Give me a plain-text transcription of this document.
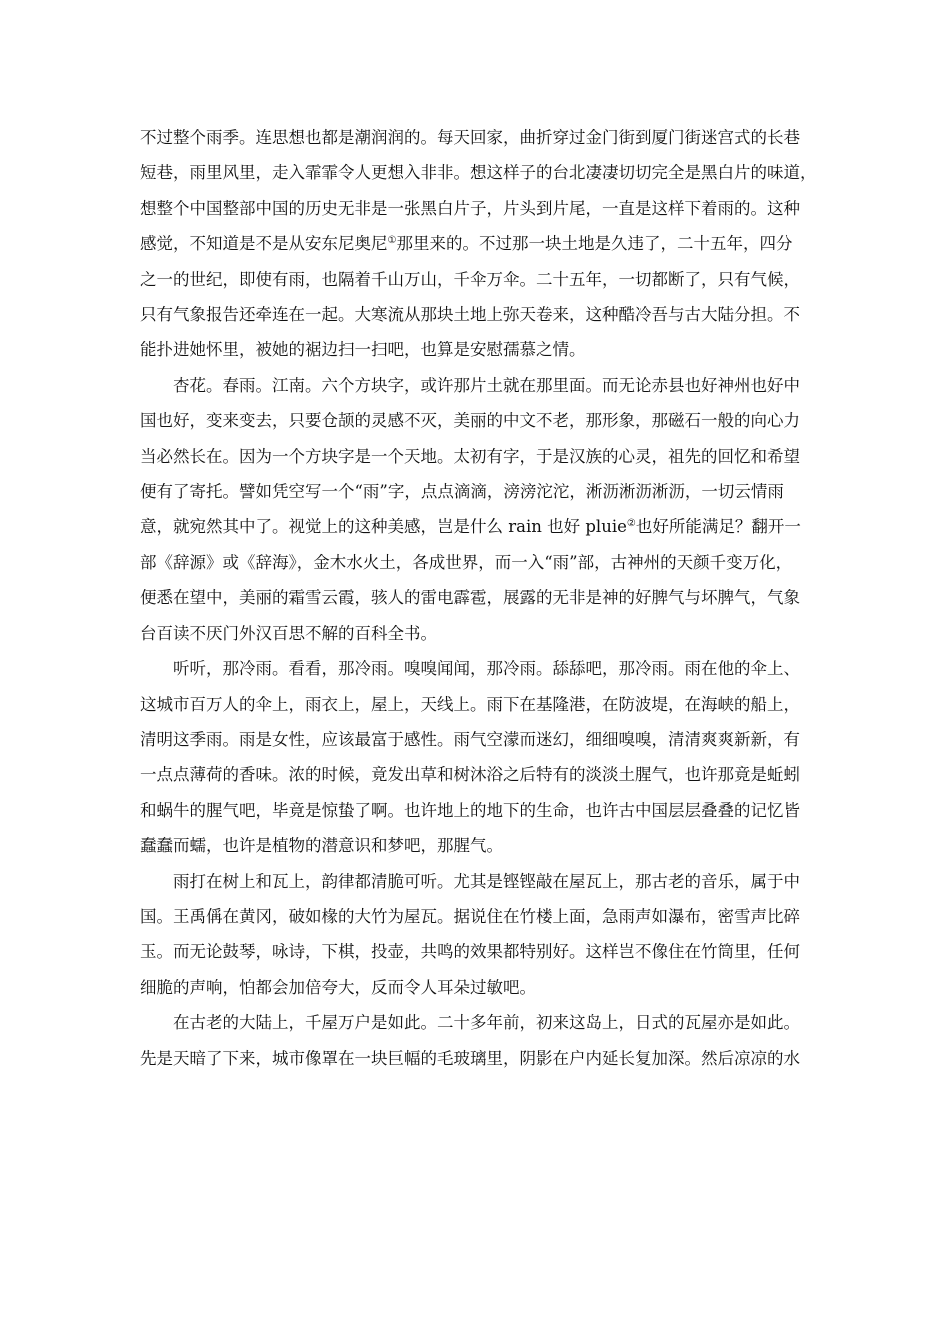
不过整个雨季。连思想也都是潮润润的。每天回家，曲折穿过金门街到厦门街迷宫式的长巷
短巷，雨里风里，走入霏霏令人更想入非非。想这样子的台北凄凄切切完全是黑白片的味道，
想整个中国整部中国的历史无非是一张黑白片子，片头到片尾，一直是这样下着雨的。这种
感觉，不知道是不是从安东尼奥尼①那里来的。不过那一块土地是久违了，二十五年，四分
之一的世纪，即使有雨，也隔着千山万山，千伞万伞。二十五年，一切都断了，只有气候，
只有气象报告还牵连在一起。大寒流从那块土地上弥天卷来，这种酷冷吾与古大陆分担。不
能扑进她怀里，被她的裾边扫一扫吧，也算是安慰孺慕之情。

杏花。春雨。江南。六个方块字，或许那片土就在那里面。而无论赤县也好神州也好中
国也好，变来变去，只要仓颉的灵感不灭，美丽的中文不老，那形象，那磁石一般的向心力
当必然长在。因为一个方块字是一个天地。太初有字，于是汉族的心灵，祖先的回忆和希望
便有了寄托。譬如凭空写一个“雨”字，点点滴滴，滂滂沱沱，淅沥淅沥淅沥，一切云情雨
意，就宛然其中了。视觉上的这种美感，岂是什么 rain 也好 pluie②也好所能满足？翻开一
部《辞源》或《辞海》，金木水火土，各成世界，而一入“雨”部，古神州的天颜千变万化，
便悉在望中，美丽的霜雪云霞，骇人的雷电霹雹，展露的无非是神的好脾气与坏脾气，气象
台百读不厌门外汉百思不解的百科全书。

听听，那冷雨。看看，那冷雨。嗅嗅闻闻，那冷雨。舔舔吧，那冷雨。雨在他的伞上、
这城市百万人的伞上，雨衣上，屋上，天线上。雨下在基隆港，在防波堤，在海峡的船上，
清明这季雨。雨是女性，应该最富于感性。雨气空濛而迷幻，细细嗅嗅，清清爽爽新新，有
一点点薄荷的香味。浓的时候，竟发出草和树沐浴之后特有的淡淡土腥气，也许那竟是蚯蚓
和蜗牛的腥气吧，毕竟是惊蛰了啊。也许地上的地下的生命，也许古中国层层叠叠的记忆皆
蠢蠢而蠕，也许是植物的潜意识和梦吧，那腥气。

雨打在树上和瓦上，韵律都清脆可听。尤其是铿铿敲在屋瓦上，那古老的音乐，属于中
国。王禹偁在黄冈，破如椽的大竹为屋瓦。据说住在竹楼上面，急雨声如瀑布，密雪声比碎
玉。而无论鼓琴，咏诗，下棋，投壶，共鸣的效果都特别好。这样岂不像住在竹筒里，任何
细脆的声响，怕都会加倍夸大，反而令人耳朵过敏吧。

在古老的大陆上，千屋万户是如此。二十多年前，初来这岛上，日式的瓦屋亦是如此。
先是天暗了下来，城市像罩在一块巨幅的毛玻璃里，阴影在户内延长复加深。然后凉凉的水
